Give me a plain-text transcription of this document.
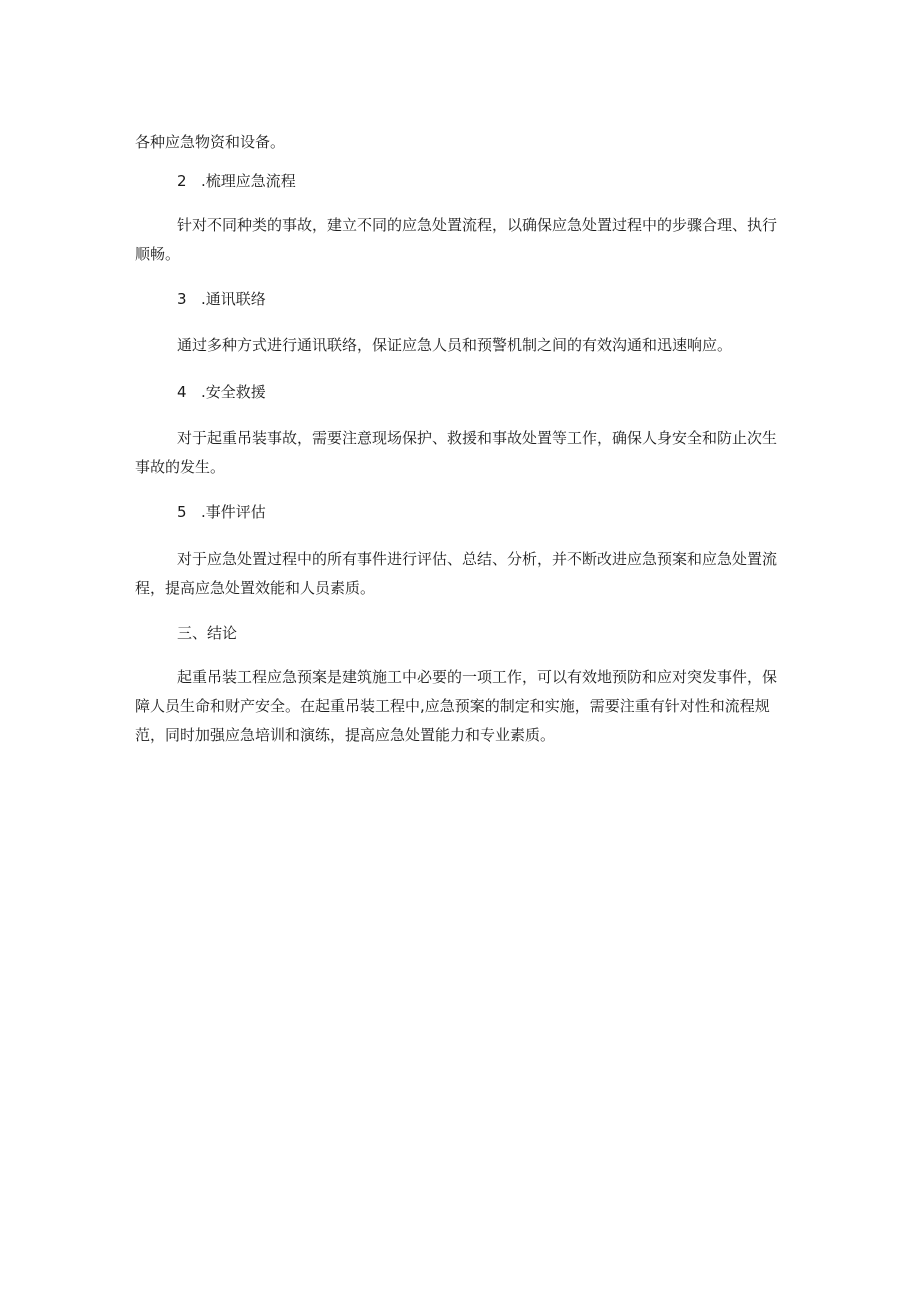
各种应急物资和设备。

2 .梳理应急流程

针对不同种类的事故，建立不同的应急处置流程，以确保应急处置过程中的步骤合理、执行顺畅。

3 .通讯联络

通过多种方式进行通讯联络，保证应急人员和预警机制之间的有效沟通和迅速响应。

4 .安全救援

对于起重吊装事故，需要注意现场保护、救援和事故处置等工作，确保人身安全和防止次生事故的发生。

5 .事件评估

对于应急处置过程中的所有事件进行评估、总结、分析，并不断改进应急预案和应急处置流程，提高应急处置效能和人员素质。

三、结论

起重吊装工程应急预案是建筑施工中必要的一项工作，可以有效地预防和应对突发事件，保障人员生命和财产安全。在起重吊装工程中,应急预案的制定和实施，需要注重有针对性和流程规范，同时加强应急培训和演练，提高应急处置能力和专业素质。
